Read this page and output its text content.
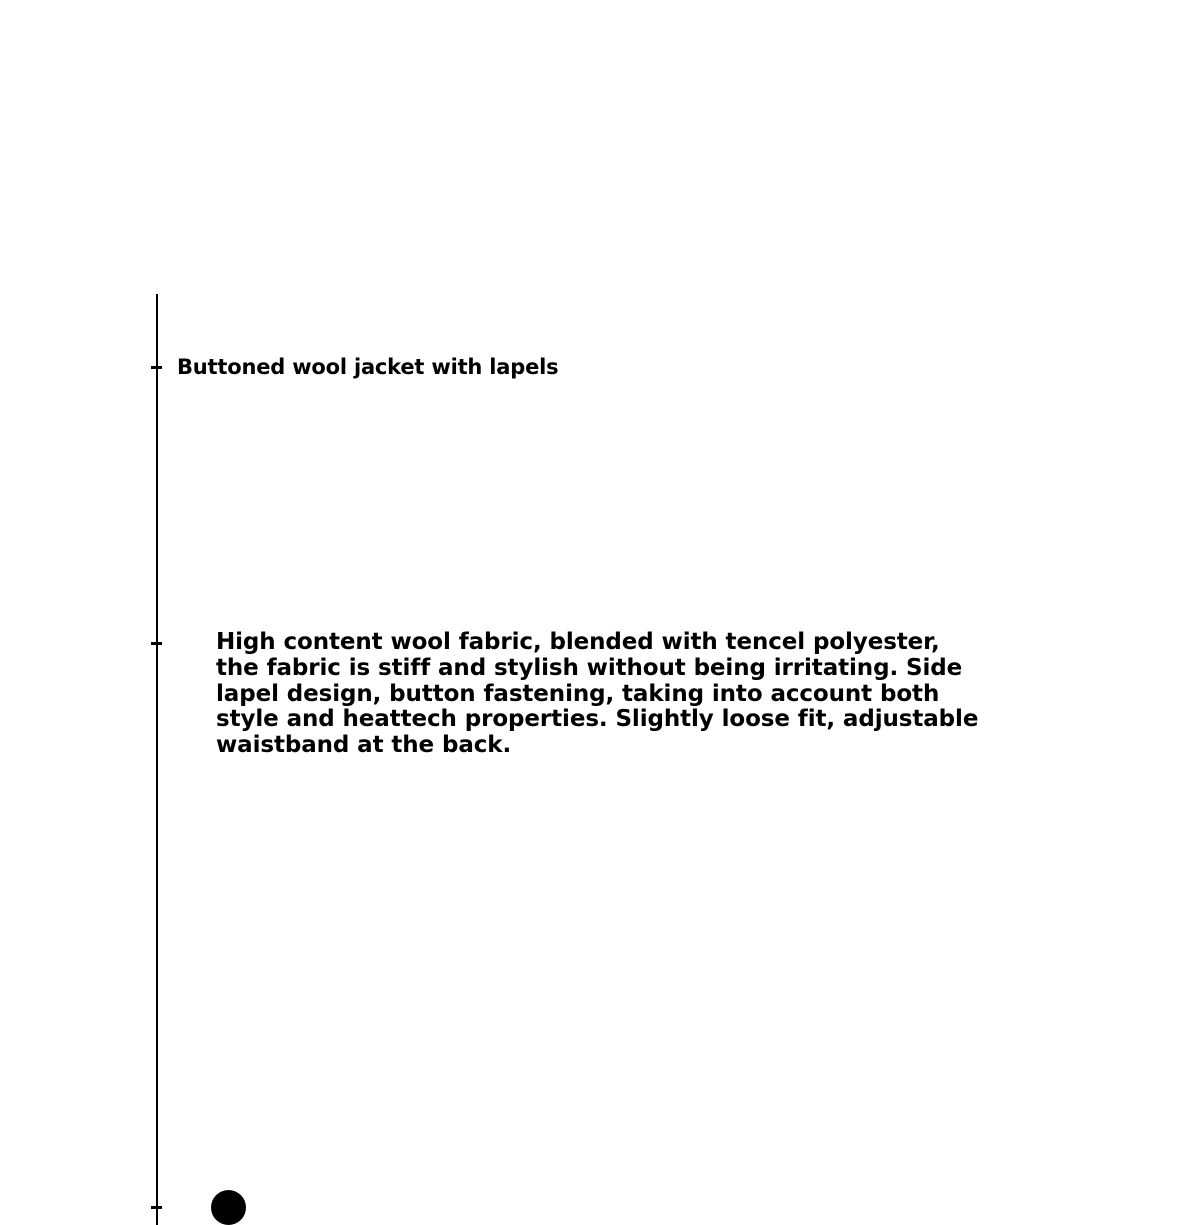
Buttoned wool jacket with lapels

High content wool fabric, blended with tencel polyester, the fabric is stiff and stylish without being irritating. Side lapel design, button fastening, taking into account both style and heattech properties. Slightly loose fit, adjustable waistband at the back.
